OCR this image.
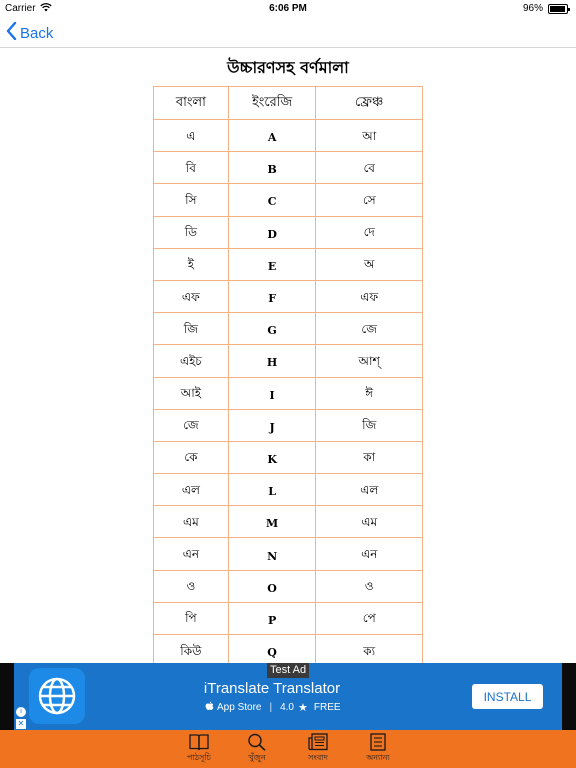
Carrier	6:06 PM	96%
Back
উচ্চারণসহ বর্ণমালা
বাংলা	ইংরেজি	ফ্রেঞ্চ
এ	A	আ
বি	B	বে
সি	C	সে
ডি	D	দে
ই	E	অ
এফ	F	এফ
জি	G	জে
এইচ	H	আশ্
আই	I	ঈ
জে	J	জি
কে	K	কা
এল	L	এল
এম	M	এম
এন	N	এন
ও	O	ও
পি	P	পে
কিউ	Q	ক্য
Test Ad
iTranslate Translator
App Store | 4.0 ★ FREE
INSTALL
i
✕
পাঠসূচি	খুঁজুন	সংবাদ	অন্যান্য
